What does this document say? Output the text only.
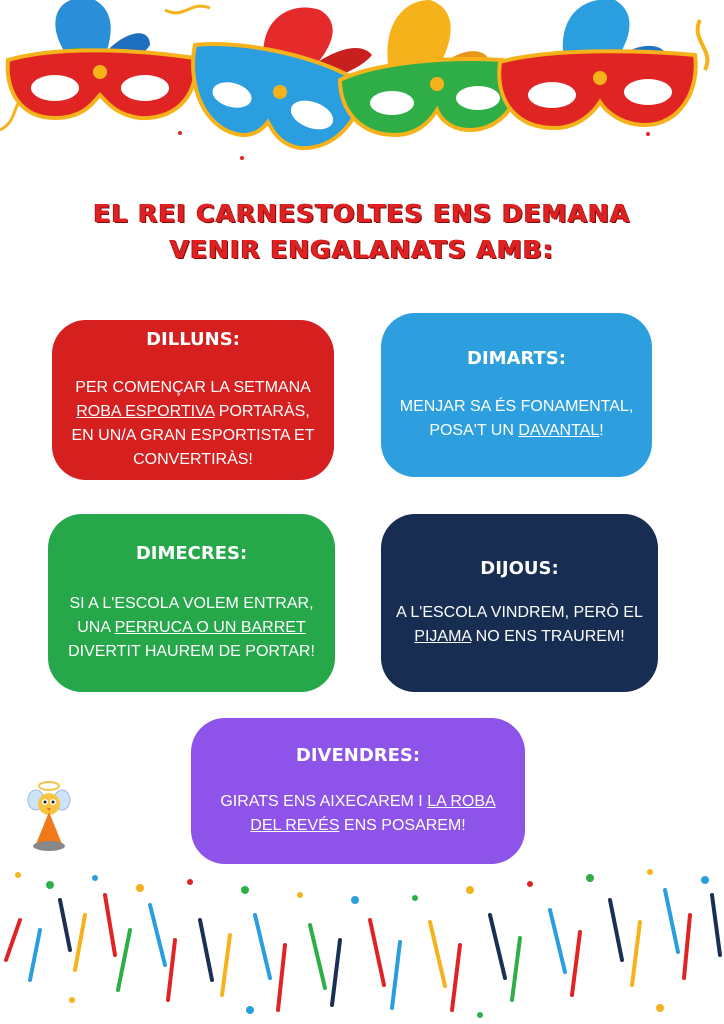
EL REI CARNESTOLTES ENS DEMANA
VENIR ENGALANATS AMB:
DILLUNS:

PER COMENÇAR LA SETMANA
ROBA ESPORTIVA PORTARÀS,
EN UN/A GRAN ESPORTISTA ET
CONVERTIRÀS!

DIMARTS:

MENJAR SA ÉS FONAMENTAL,
POSA'T UN DAVANTAL!

DIMECRES:

SI A L'ESCOLA VOLEM ENTRAR,
UNA PERRUCA O UN BARRET
DIVERTIT HAUREM DE PORTAR!

DIJOUS:

A L'ESCOLA VINDREM, PERÒ EL
PIJAMA NO ENS TRAUREM!

DIVENDRES:

GIRATS ENS AIXECAREM I LA ROBA
DEL REVÉS ENS POSAREM!
